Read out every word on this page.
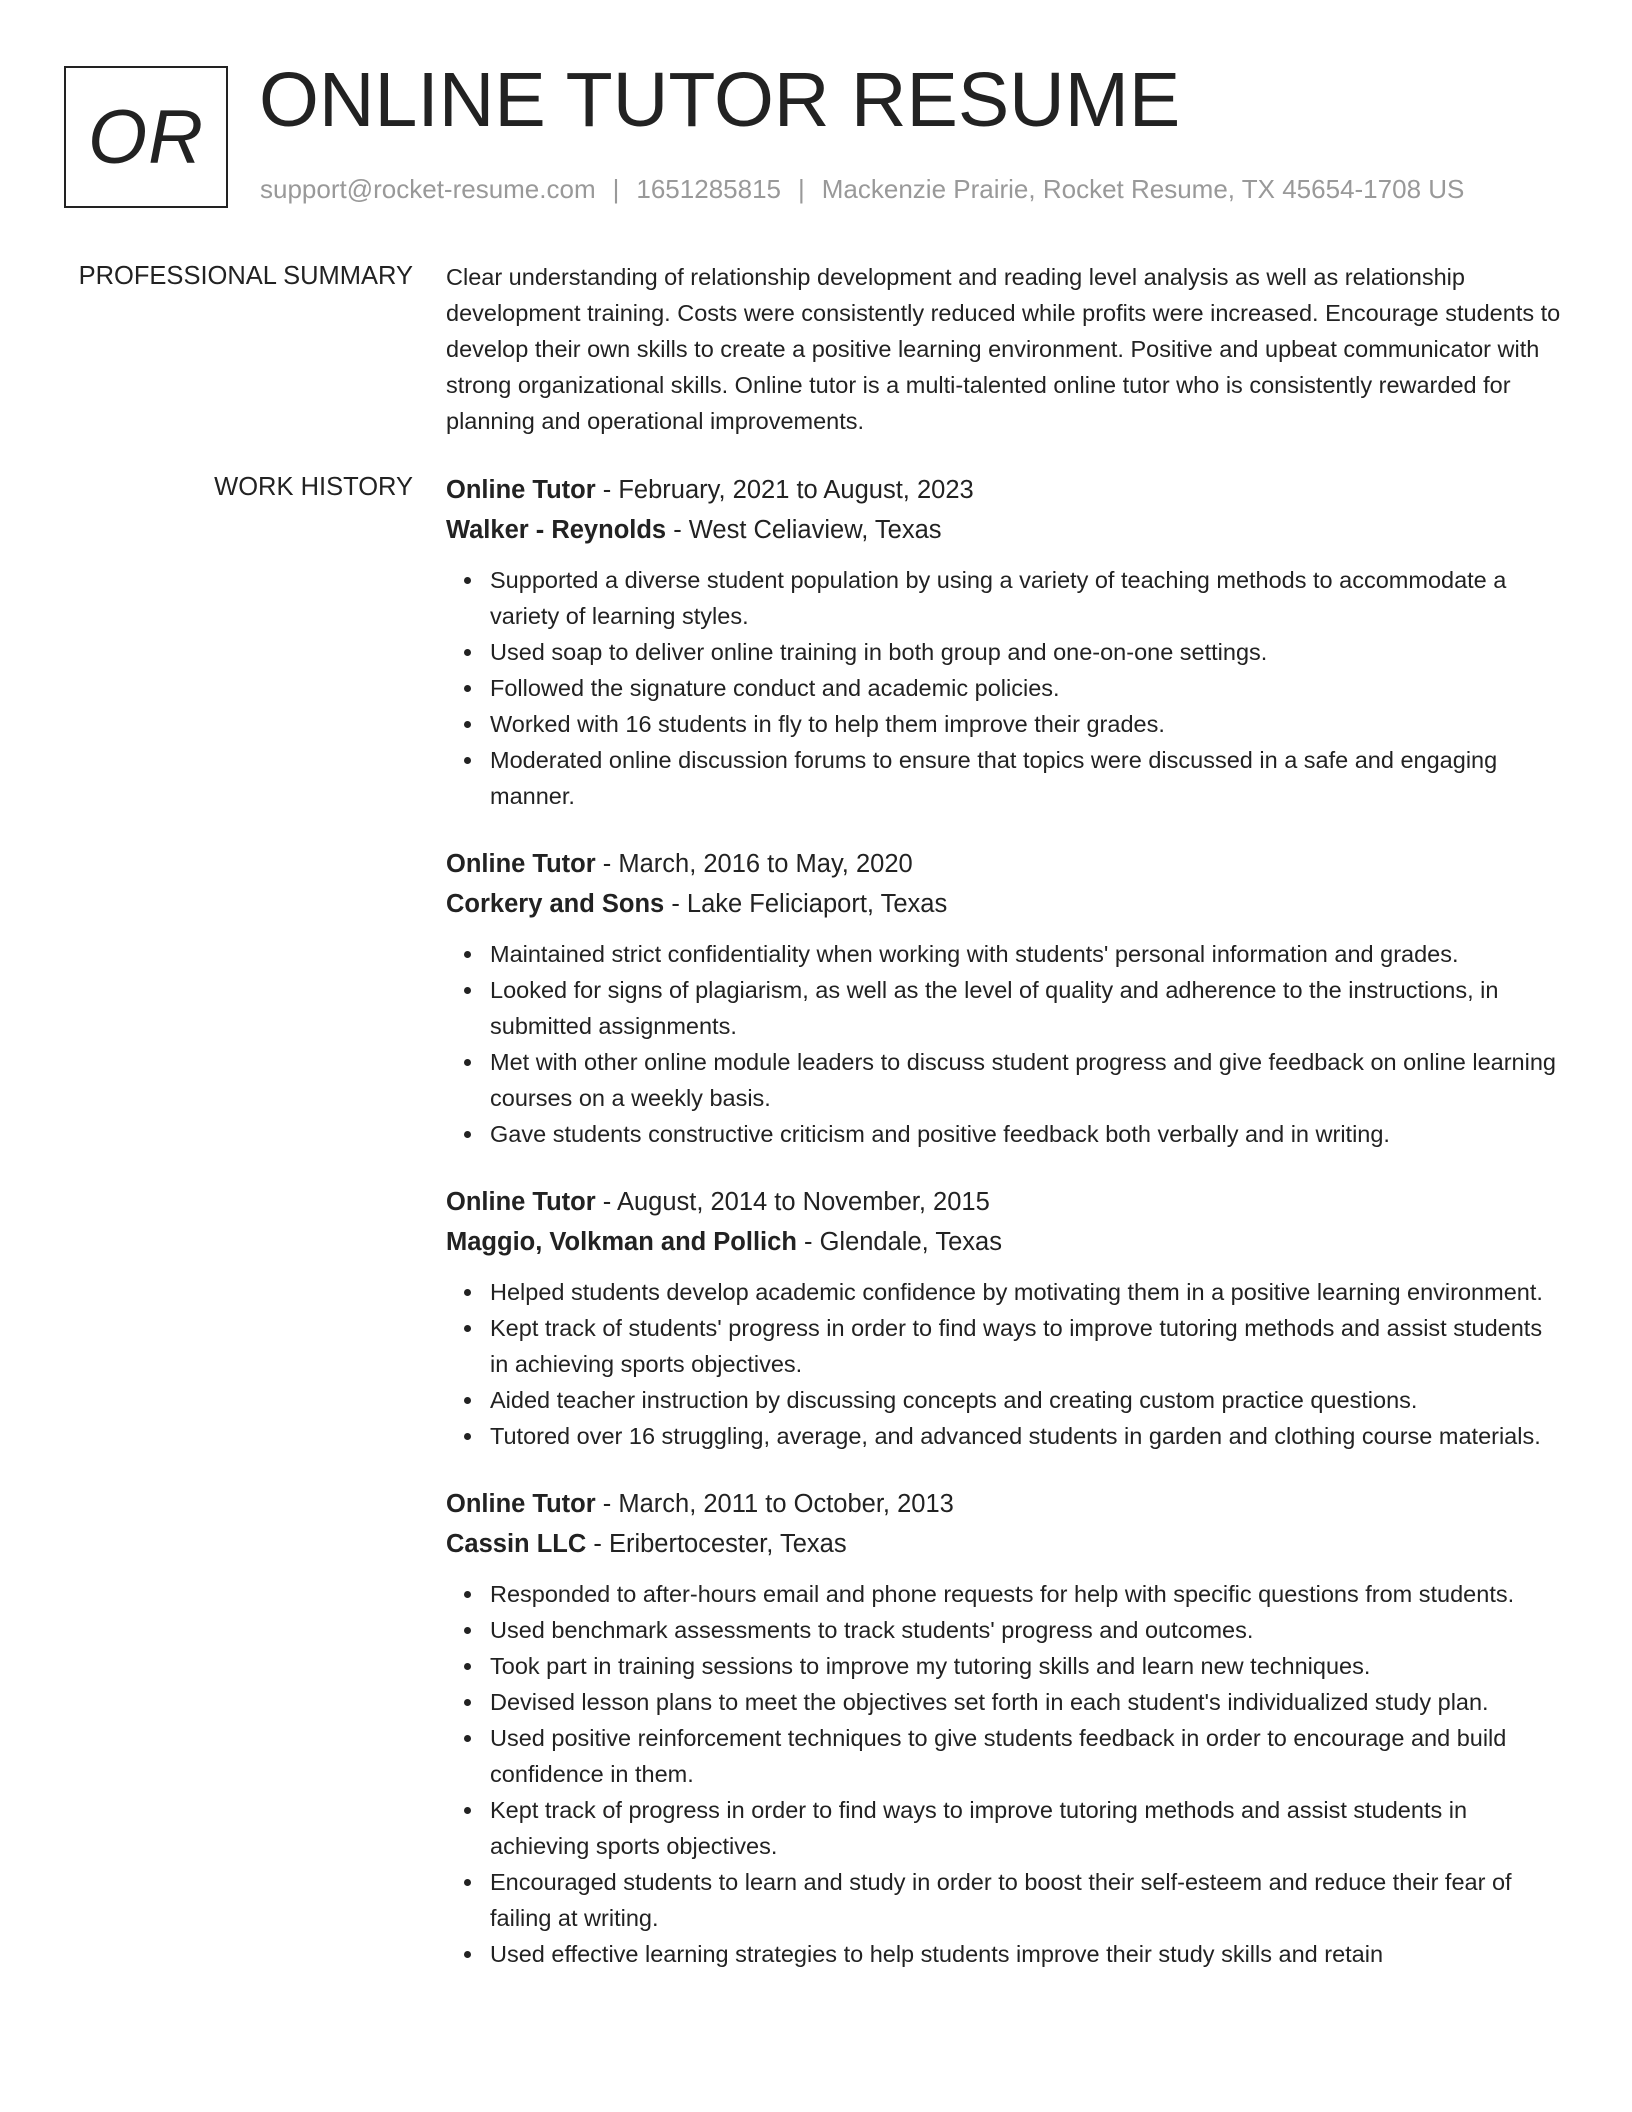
OR ONLINE TUTOR RESUME
support@rocket-resume.com | 1651285815 | Mackenzie Prairie, Rocket Resume, TX 45654-1708 US
PROFESSIONAL SUMMARY Clear understanding of relationship development and reading level analysis as well as relationship development training. Costs were consistently reduced while profits were increased. Encourage students to develop their own skills to create a positive learning environment. Positive and upbeat communicator with strong organizational skills. Online tutor is a multi-talented online tutor who is consistently rewarded for planning and operational improvements.
WORK HISTORY Online Tutor - February, 2021 to August, 2023
Walker - Reynolds - West Celiaview, Texas
Supported a diverse student population by using a variety of teaching methods to accommodate a variety of learning styles.
Used soap to deliver online training in both group and one-on-one settings.
Followed the signature conduct and academic policies.
Worked with 16 students in fly to help them improve their grades.
Moderated online discussion forums to ensure that topics were discussed in a safe and engaging manner.
Online Tutor - March, 2016 to May, 2020
Corkery and Sons - Lake Feliciaport, Texas
Maintained strict confidentiality when working with students' personal information and grades.
Looked for signs of plagiarism, as well as the level of quality and adherence to the instructions, in submitted assignments.
Met with other online module leaders to discuss student progress and give feedback on online learning courses on a weekly basis.
Gave students constructive criticism and positive feedback both verbally and in writing.
Online Tutor - August, 2014 to November, 2015
Maggio, Volkman and Pollich - Glendale, Texas
Helped students develop academic confidence by motivating them in a positive learning environment.
Kept track of students' progress in order to find ways to improve tutoring methods and assist students in achieving sports objectives.
Aided teacher instruction by discussing concepts and creating custom practice questions.
Tutored over 16 struggling, average, and advanced students in garden and clothing course materials.
Online Tutor - March, 2011 to October, 2013
Cassin LLC - Eribertocester, Texas
Responded to after-hours email and phone requests for help with specific questions from students.
Used benchmark assessments to track students' progress and outcomes.
Took part in training sessions to improve my tutoring skills and learn new techniques.
Devised lesson plans to meet the objectives set forth in each student's individualized study plan.
Used positive reinforcement techniques to give students feedback in order to encourage and build confidence in them.
Kept track of progress in order to find ways to improve tutoring methods and assist students in achieving sports objectives.
Encouraged students to learn and study in order to boost their self-esteem and reduce their fear of failing at writing.
Used effective learning strategies to help students improve their study skills and retain
